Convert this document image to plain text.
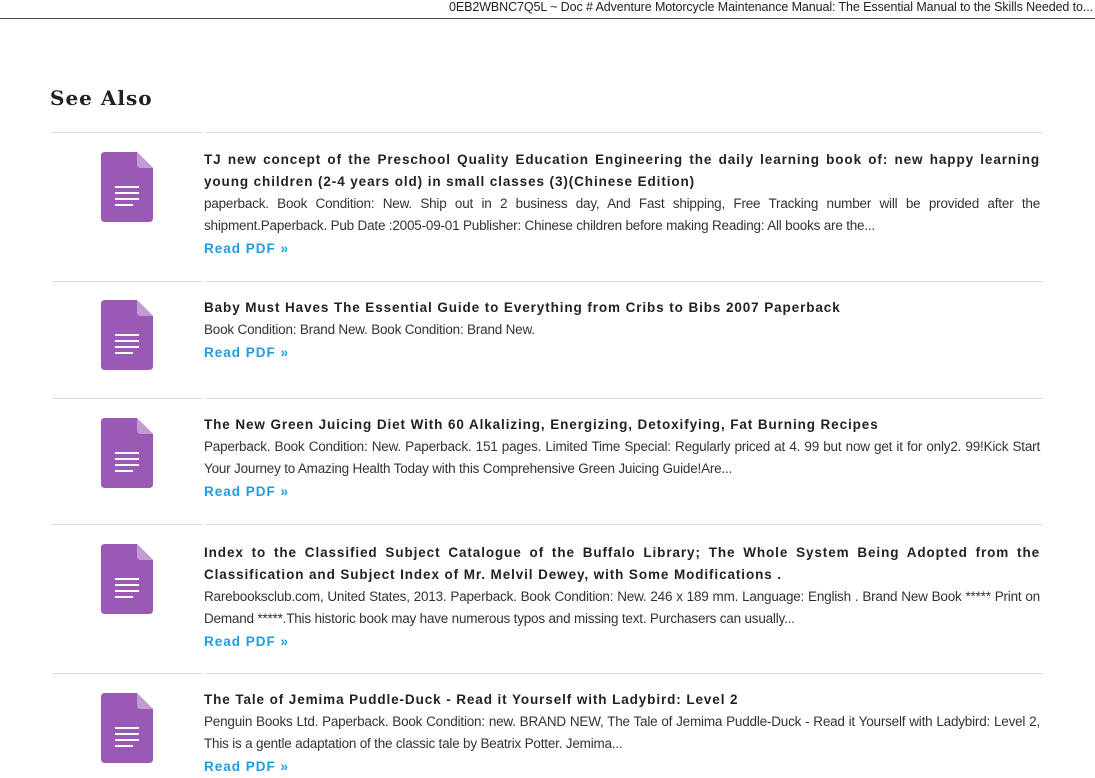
0EB2WBNC7Q5L ~ Doc # Adventure Motorcycle Maintenance Manual: The Essential Manual to the Skills Needed to...
See Also

TJ new concept of the Preschool Quality Education Engineering the daily learning book of: new happy learning young children (2-4 years old) in small classes (3)(Chinese Edition)

paperback. Book Condition: New. Ship out in 2 business day, And Fast shipping, Free Tracking number will be provided after the shipment.Paperback. Pub Date :2005-09-01 Publisher: Chinese children before making Reading: All books are the...

Read PDF »

Baby Must Haves The Essential Guide to Everything from Cribs to Bibs 2007 Paperback

Book Condition: Brand New. Book Condition: Brand New.

Read PDF »

The New Green Juicing Diet With 60 Alkalizing, Energizing, Detoxifying, Fat Burning Recipes

Paperback. Book Condition: New. Paperback. 151 pages. Limited Time Special: Regularly priced at 4. 99 but now get it for only2. 99!Kick Start Your Journey to Amazing Health Today with this Comprehensive Green Juicing Guide!Are...

Read PDF »

Index to the Classified Subject Catalogue of the Buffalo Library; The Whole System Being Adopted from the Classification and Subject Index of Mr. Melvil Dewey, with Some Modifications .

Rarebooksclub.com, United States, 2013. Paperback. Book Condition: New. 246 x 189 mm. Language: English . Brand New Book ***** Print on Demand *****.This historic book may have numerous typos and missing text. Purchasers can usually...

Read PDF »

The Tale of Jemima Puddle-Duck - Read it Yourself with Ladybird: Level 2

Penguin Books Ltd. Paperback. Book Condition: new. BRAND NEW, The Tale of Jemima Puddle-Duck - Read it Yourself with Ladybird: Level 2, This is a gentle adaptation of the classic tale by Beatrix Potter. Jemima...

Read PDF »
